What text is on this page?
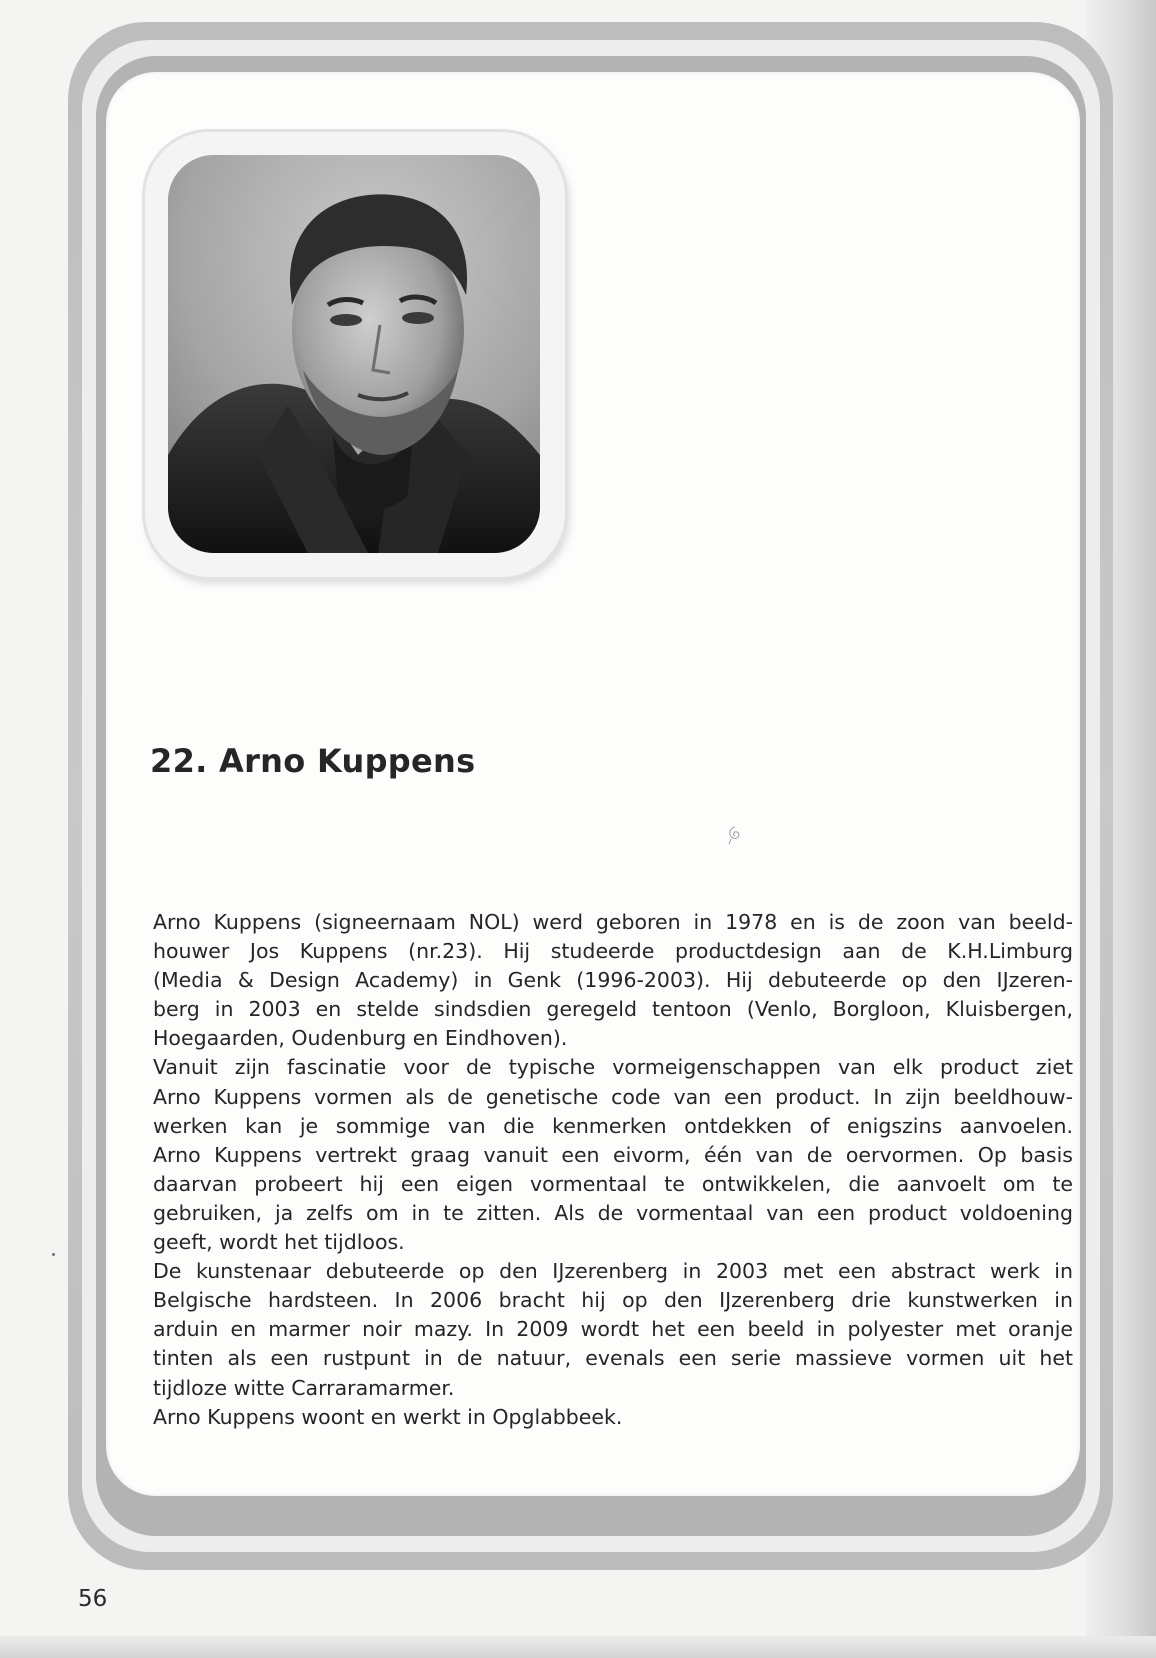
22. Arno Kuppens
Arno Kuppens (signeernaam NOL) werd geboren in 1978 en is de zoon van beeld-
houwer Jos Kuppens (nr.23). Hij studeerde productdesign aan de K.H.Limburg
(Media & Design Academy) in Genk (1996-2003). Hij debuteerde op den IJzeren-
berg in 2003 en stelde sindsdien geregeld tentoon (Venlo, Borgloon, Kluisbergen,
Hoegaarden, Oudenburg en Eindhoven).
Vanuit zijn fascinatie voor de typische vormeigenschappen van elk product ziet
Arno Kuppens vormen als de genetische code van een product. In zijn beeldhouw-
werken kan je sommige van die kenmerken ontdekken of enigszins aanvoelen.
Arno Kuppens vertrekt graag vanuit een eivorm, één van de oervormen. Op basis
daarvan probeert hij een eigen vormentaal te ontwikkelen, die aanvoelt om te
gebruiken, ja zelfs om in te zitten. Als de vormentaal van een product voldoening
geeft, wordt het tijdloos.
De kunstenaar debuteerde op den IJzerenberg in 2003 met een abstract werk in
Belgische hardsteen. In 2006 bracht hij op den IJzerenberg drie kunstwerken in
arduin en marmer noir mazy. In 2009 wordt het een beeld in polyester met oranje
tinten als een rustpunt in de natuur, evenals een serie massieve vormen uit het
tijdloze witte Carraramarmer.
Arno Kuppens woont en werkt in Opglabbeek.
56
